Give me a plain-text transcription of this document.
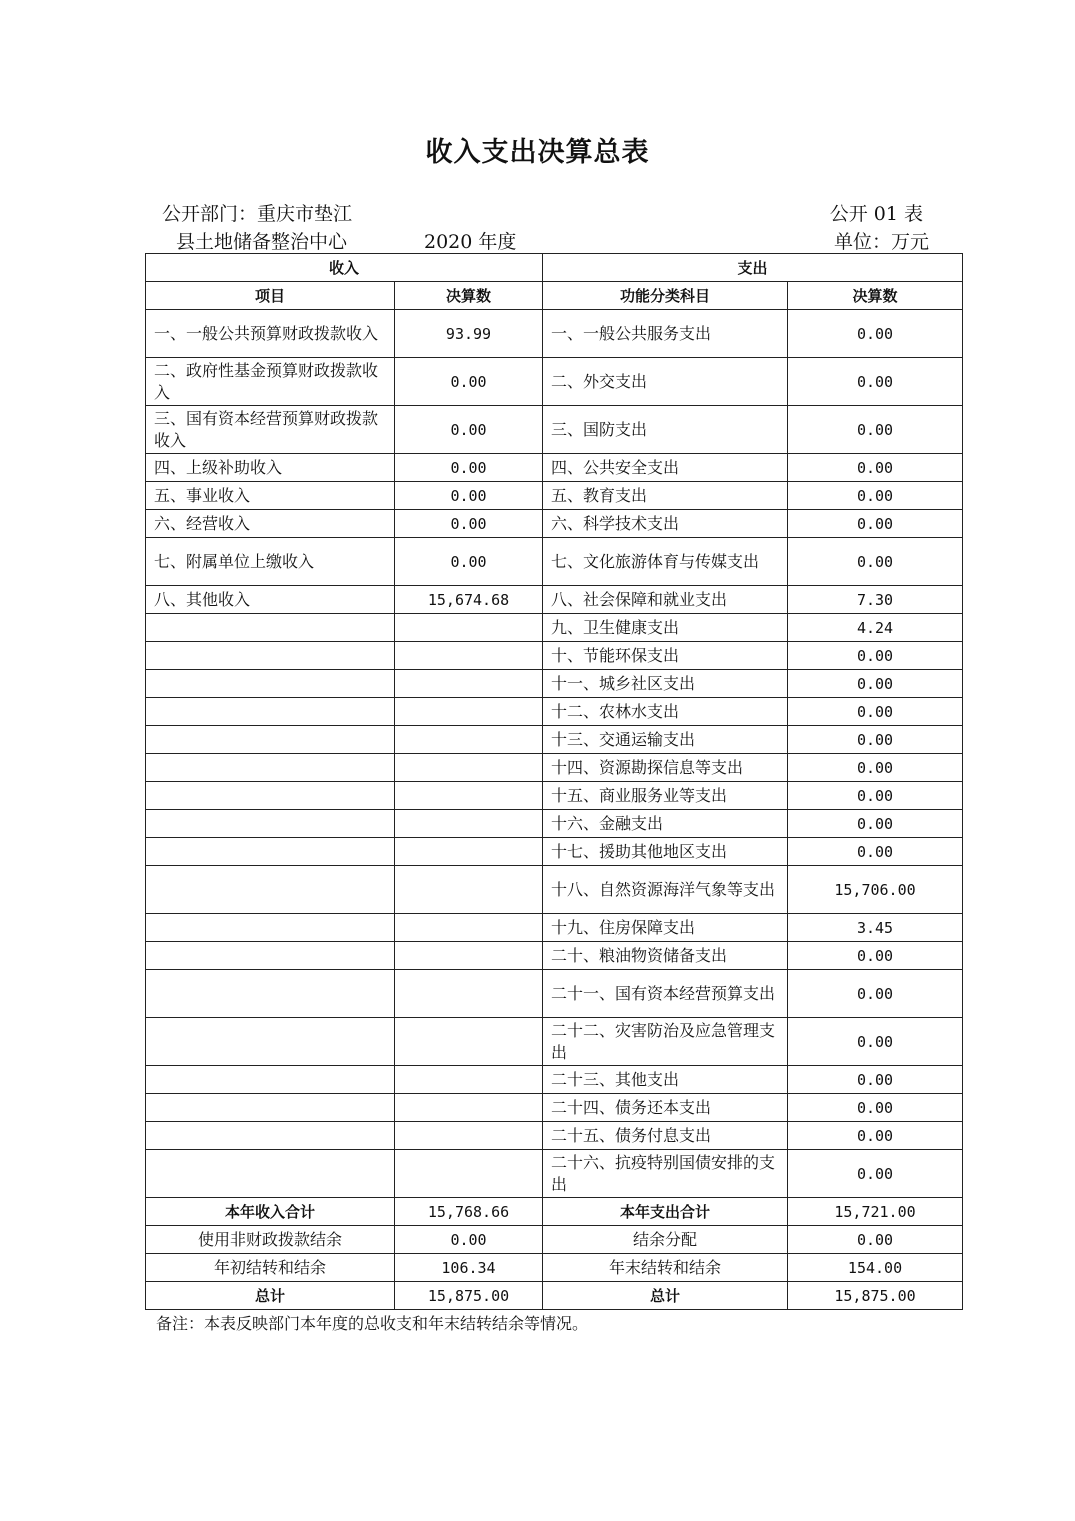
收入支出决算总表
公开部门：重庆市垫江
县土地储备整治中心	2020 年度
公开 01 表
单位：万元
收入		支出	
项目	决算数	功能分类科目	决算数
一、一般公共预算财政拨款收入	93.99	一、一般公共服务支出	0.00
二、政府性基金预算财政拨款收入	0.00	二、外交支出	0.00
三、国有资本经营预算财政拨款收入	0.00	三、国防支出	0.00
四、上级补助收入	0.00	四、公共安全支出	0.00
五、事业收入	0.00	五、教育支出	0.00
六、经营收入	0.00	六、科学技术支出	0.00
七、附属单位上缴收入	0.00	七、文化旅游体育与传媒支出	0.00
八、其他收入	15,674.68	八、社会保障和就业支出	7.30
		九、卫生健康支出	4.24
		十、节能环保支出	0.00
		十一、城乡社区支出	0.00
		十二、农林水支出	0.00
		十三、交通运输支出	0.00
		十四、资源勘探信息等支出	0.00
		十五、商业服务业等支出	0.00
		十六、金融支出	0.00
		十七、援助其他地区支出	0.00
		十八、自然资源海洋气象等支出	15,706.00
		十九、住房保障支出	3.45
		二十、粮油物资储备支出	0.00
		二十一、国有资本经营预算支出	0.00
		二十二、灾害防治及应急管理支出	0.00
		二十三、其他支出	0.00
		二十四、债务还本支出	0.00
		二十五、债务付息支出	0.00
		二十六、抗疫特别国债安排的支出	0.00
本年收入合计	15,768.66	本年支出合计	15,721.00
使用非财政拨款结余	0.00	结余分配	0.00
年初结转和结余	106.34	年末结转和结余	154.00
总计	15,875.00	总计	15,875.00
备注：本表反映部门本年度的总收支和年末结转结余等情况。
